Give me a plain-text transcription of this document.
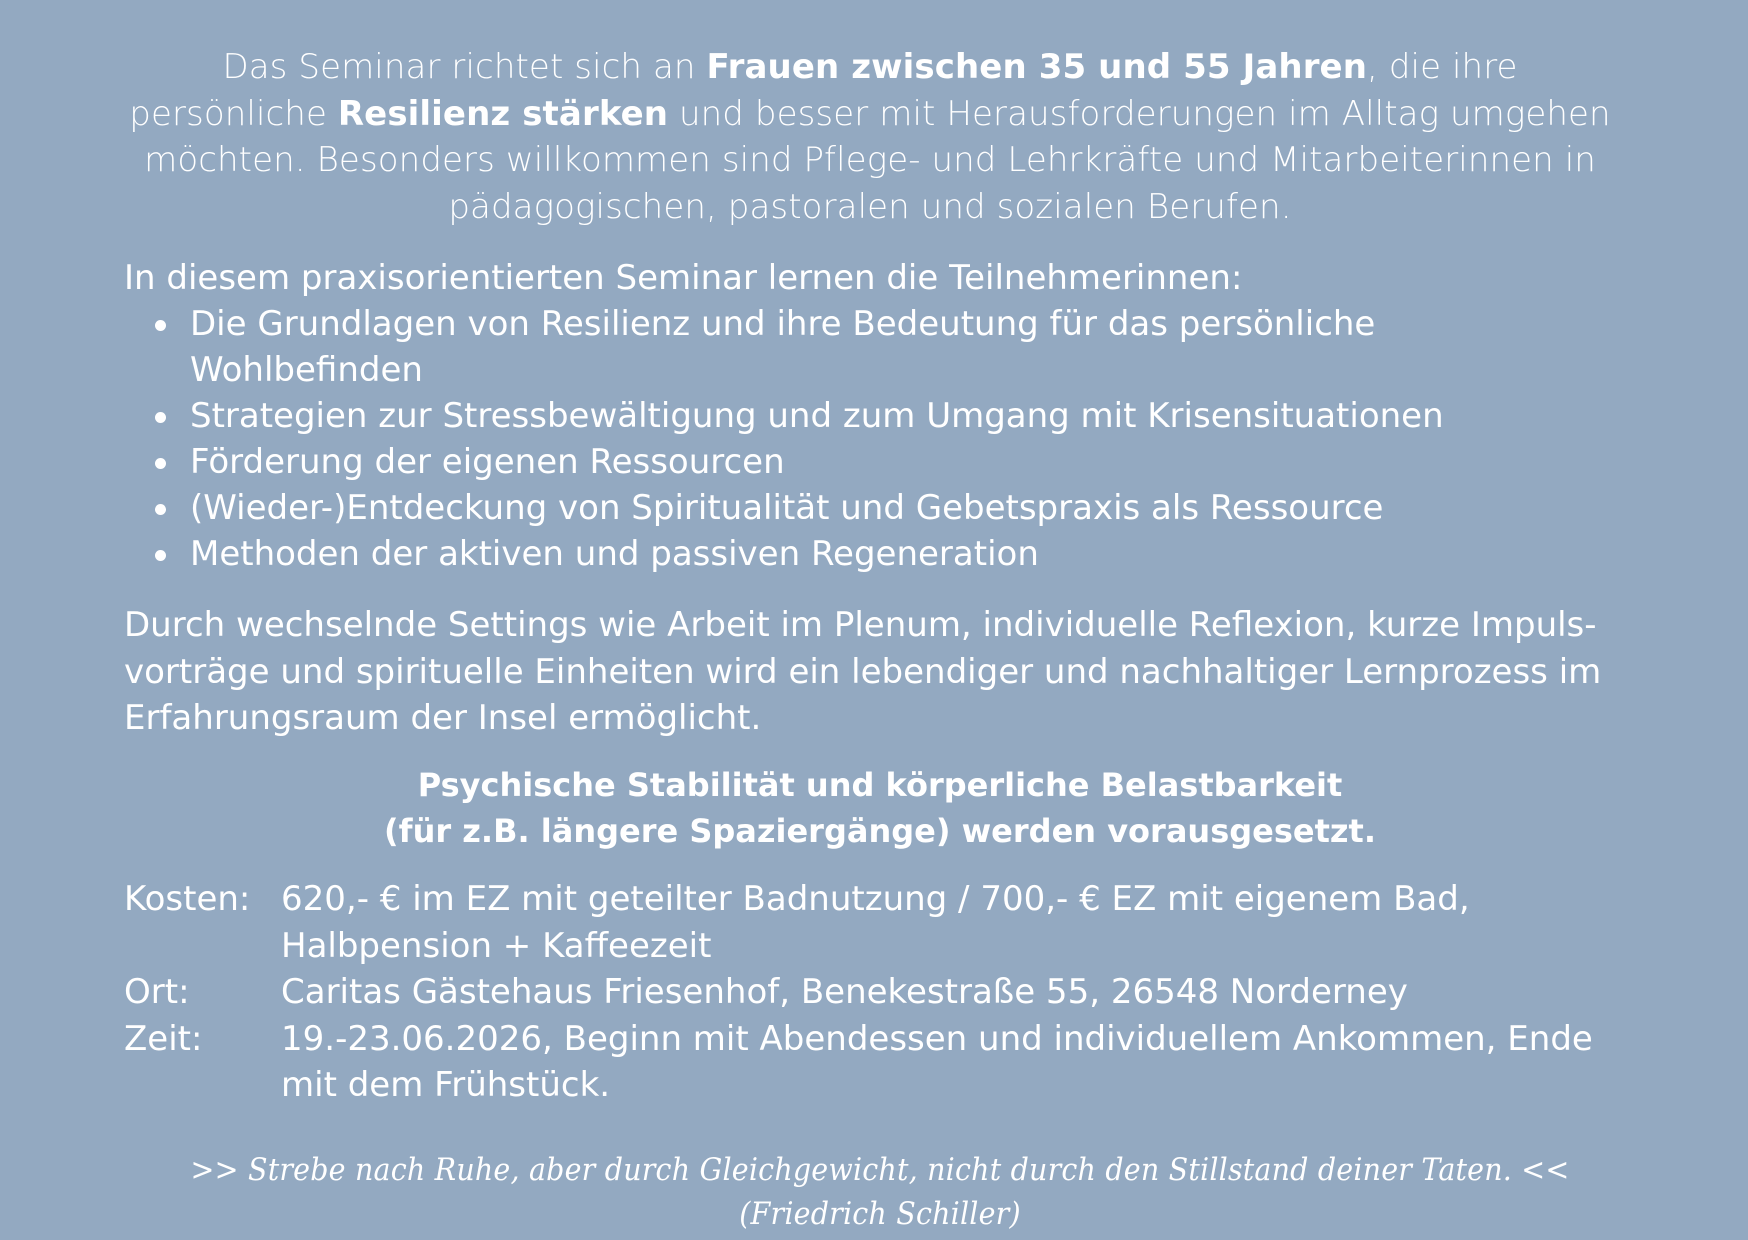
Das Seminar richtet sich an Frauen zwischen 35 und 55 Jahren, die ihre persönliche Resilienz stärken und besser mit Herausforderungen im Alltag umgehen möchten. Besonders willkommen sind Pflege- und Lehrkräfte und Mitarbeiterinnen in pädagogischen, pastoralen und sozialen Berufen.
In diesem praxisorientierten Seminar lernen die Teilnehmerinnen:
Die Grundlagen von Resilienz und ihre Bedeutung für das persönliche Wohlbefinden
Strategien zur Stressbewältigung und zum Umgang mit Krisensituationen
Förderung der eigenen Ressourcen
(Wieder-)Entdeckung von Spiritualität und Gebetspraxis als Ressource
Methoden der aktiven und passiven Regeneration
Durch wechselnde Settings wie Arbeit im Plenum, individuelle Reflexion, kurze Impulsvorträge und spirituelle Einheiten wird ein lebendiger und nachhaltiger Lernprozess im Erfahrungsraum der Insel ermöglicht.
Psychische Stabilität und körperliche Belastbarkeit
(für z.B. längere Spaziergänge) werden vorausgesetzt.
Kosten: 620,- € im EZ mit geteilter Badnutzung / 700,- € EZ mit eigenem Bad, Halbpension + Kaffeezeit
Ort:	Caritas Gästehaus Friesenhof, Benekestraße 55, 26548 Norderney
Zeit:	19.-23.06.2026, Beginn mit Abendessen und individuellem Ankommen, Ende mit dem Frühstück.
>> Strebe nach Ruhe, aber durch Gleichgewicht, nicht durch den Stillstand deiner Taten. << (Friedrich Schiller)
